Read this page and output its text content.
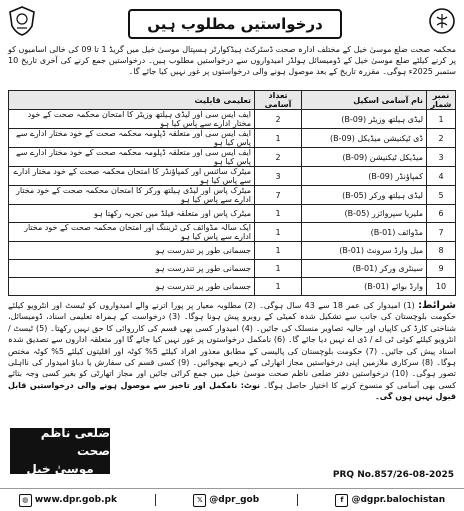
درخواستیں مطلوب ہیں
محکمہ صحت ضلع موسیٰ خیل کے مختلف ادارہ صحت ڈسٹرکٹ ہیڈکوارٹر ہسپتال موسیٰ خیل میں گریڈ 1 تا 09 کی خالی اسامیوں کو پر کرنے کیلئے ضلع موسیٰ خیل کے ڈومیسائل ہولڈر امیدواروں سے درخواستیں مطلوب ہیں۔ درخواستیں جمع کرنے کی آخری تاریخ 10 ستمبر 2025ء ہوگی۔ مقررہ تاریخ کے بعد موصول ہونے والی درخواستوں پر غور نہیں کیا جائے گا۔
نمبر شمار	نام آسامی اسکیل	تعداد آسامی	تعلیمی قابلیت
1	لیڈی ہیلتھ وزیٹر (B-09)	2	ایف ایس سی اور لیڈی ہیلتھ وزیٹر کا امتحان محکمہ صحت کے خود مختار ادارے سے پاس کیا ہو
2	ڈی ٹیکنیشن میڈیکل (B-09)	1	ایف ایس سی اور متعلقہ ڈپلومہ محکمہ صحت کے خود مختار ادارے سے پاس کیا ہو
3	میڈیکل ٹیکنیشن (B-09)	2	ایف ایس سی اور متعلقہ ڈپلومہ محکمہ صحت کے خود مختار ادارے سے پاس کیا ہو
4	کمپاؤنڈر (B-09)	3	میٹرک سائنس اور کمپاؤنڈر کا امتحان محکمہ صحت کے خود مختار ادارے سے پاس کیا ہو
5	لیڈی ہیلتھ ورکر (B-05)	7	میٹرک پاس اور لیڈی ہیلتھ ورکر کا امتحان محکمہ صحت کے خود مختار ادارے سے پاس کیا ہو
6	ملیریا سپروائزر (B-05)	1	میٹرک پاس اور متعلقہ فیلڈ میں تجربہ رکھتا ہو
7	مڈوائف (B-01)	1	ایک سالہ مڈوائف کی ٹریننگ اور امتحان محکمہ صحت کے خود مختار ادارے سے پاس کیا ہو
8	میل وارڈ سرونٹ (B-01)	1	جسمانی طور پر تندرست ہو
9	سینٹری ورکر (B-01)	1	جسمانی طور پر تندرست ہو
10	وارڈ بوائے (B-01)	1	جسمانی طور پر تندرست ہو
شرائط: (1) امیدوار کی عمر 18 سے 43 سال ہوگی۔ (2) مطلوبہ معیار پر پورا اترنے والے امیدواروں کو ٹیسٹ اور انٹرویو کیلئے حکومت بلوچستان کی جانب سے تشکیل شدہ کمیٹی کے روبرو پیش ہونا ہوگا۔ (3) درخواست کے ہمراہ تعلیمی اسناد، ڈومیسائل، شناختی کارڈ کی کاپیاں اور حالیہ تصاویر منسلک کی جائیں۔ (4) امیدوار کسی بھی قسم کی کارروائی کا حق نہیں رکھتا۔ (5) ٹیسٹ / انٹرویو کیلئے کوئی ٹی اے / ڈی اے نہیں دیا جائے گا۔ (6) نامکمل درخواستوں پر غور نہیں کیا جائے گا اور متعلقہ اداروں سے تصدیق شدہ اسناد پیش کی جائیں۔ (7) حکومت بلوچستان کی پالیسی کے مطابق معذور افراد کیلئے 5% کوٹہ اور اقلیتوں کیلئے 5% کوٹہ مختص ہوگا۔ (8) سرکاری ملازمین اپنی درخواستیں مجاز اتھارٹی کے ذریعے بھجوائیں۔ (9) کسی قسم کی سفارش یا دباؤ امیدوار کی نااہلی تصور ہوگی۔ (10) درخواستیں دفتر ضلعی ناظم صحت موسیٰ خیل میں جمع کرائی جائیں اور مجاز اتھارٹی کو بغیر کسی وجہ بتائے کسی بھی آسامی کو منسوخ کرنے کا اختیار حاصل ہوگا۔ نوٹ: نامکمل اور تاخیر سے موصول ہونے والی درخواستیں قابل قبول نہیں ہوں گی۔
ضلعی ناظم صحت
موسیٰ خیل	PRQ No.857/26-08-2025
◍ www.dpr.gob.pk	𝕏 @dpr_gob	f @dgpr.balochistan
